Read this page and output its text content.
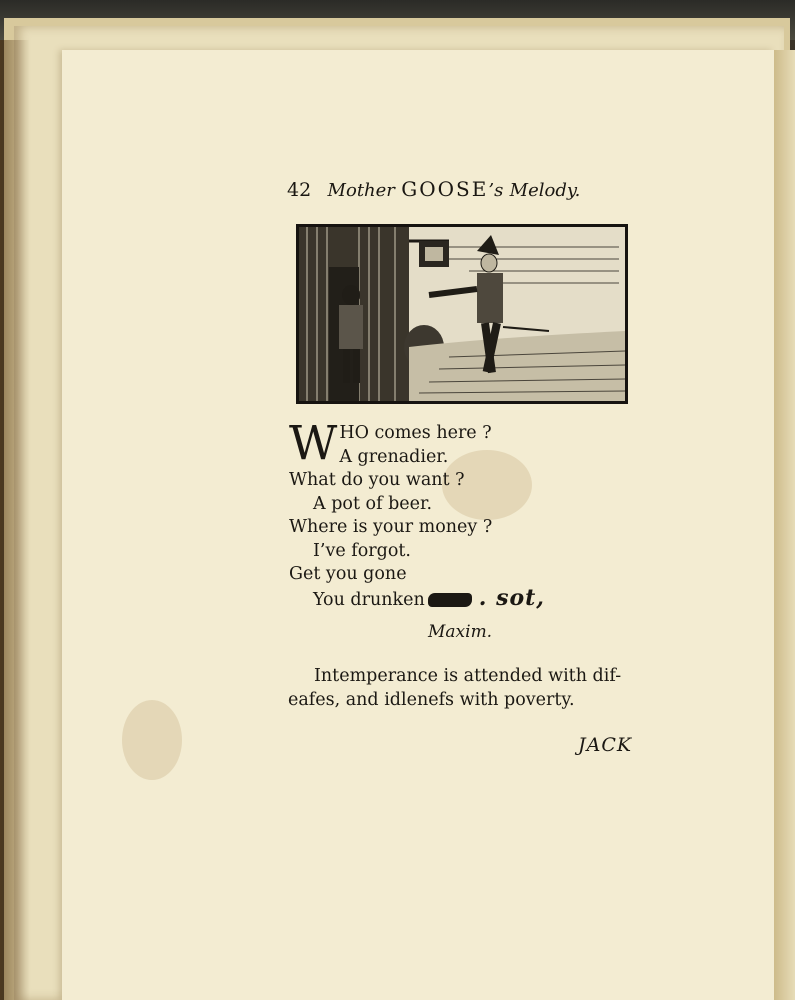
42 Mother GOOSE’s Melody.
W HO comes here ?
A grenadier.
What do you want ?
A pot of beer.
Where is your money ?
I’ve forgot.
Get you gone
You drunken . sot,
Maxim.
Intemperance is attended with dif-
eafes, and idlenefs with poverty.
JACK
